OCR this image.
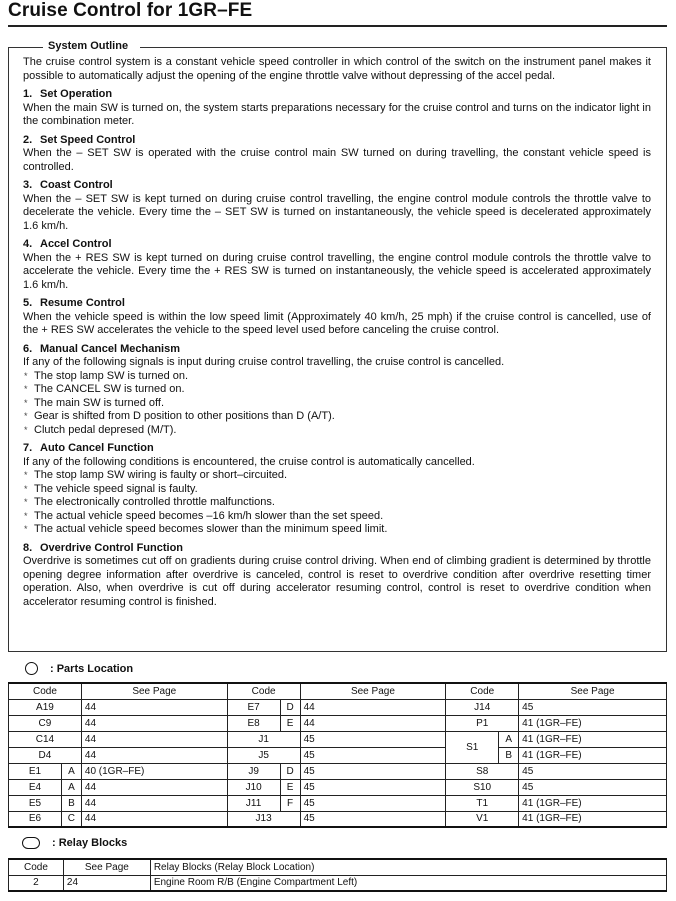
Cruise Control for 1GR–FE
System Outline
The cruise control system is a constant vehicle speed controller in which control of the switch on the instrument panel makes it possible to automatically adjust the opening of the engine throttle valve without depressing of the accel pedal.
1. Set Operation
When the main SW is turned on, the system starts preparations necessary for the cruise control and turns on the indicator light in the combination meter.
2. Set Speed Control
When the – SET SW is operated with the cruise control main SW turned on during travelling, the constant vehicle speed is controlled.
3. Coast Control
When the – SET SW is kept turned on during cruise control travelling, the engine control module controls the throttle valve to decelerate the vehicle. Every time the – SET SW is turned on instantaneously, the vehicle speed is decelerated approximately 1.6 km/h.
4. Accel Control
When the + RES SW is kept turned on during cruise control travelling, the engine control module controls the throttle valve to accelerate the vehicle. Every time the + RES SW is turned on instantaneously, the vehicle speed is accelerated approximately 1.6 km/h.
5. Resume Control
When the vehicle speed is within the low speed limit (Approximately 40 km/h, 25 mph) if the cruise control is cancelled, use of the + RES SW accelerates the vehicle to the speed level used before canceling the cruise control.
6. Manual Cancel Mechanism
If any of the following signals is input during cruise control travelling, the cruise control is cancelled.
* The stop lamp SW is turned on.
* The CANCEL SW is turned on.
* The main SW is turned off.
* Gear is shifted from D position to other positions than D (A/T).
* Clutch pedal depresed (M/T).
7. Auto Cancel Function
If any of the following conditions is encountered, the cruise control is automatically cancelled.
* The stop lamp SW wiring is faulty or short–circuited.
* The vehicle speed signal is faulty.
* The electronically controlled throttle malfunctions.
* The actual vehicle speed becomes –16 km/h slower than the set speed.
* The actual vehicle speed becomes slower than the minimum speed limit.
8. Overdrive Control Function
Overdrive is sometimes cut off on gradients during cruise control driving. When end of climbing gradient is determined by throttle opening degree information after overdrive is canceled, control is reset to overdrive condition after overdrive resetting timer operation. Also, when overdrive is cut off during accelerator resuming control, control is reset to overdrive condition when accelerator resuming control is finished.
: Parts Location
Code		See Page	Code		See Page	Code		See Page
A19		44	E7	D	44	J14		45
C9		44	E8	E	44	P1		41 (1GR–FE)
C14		44	J1		45	S1	A	41 (1GR–FE)
D4		44	J5		45		B	41 (1GR–FE)
E1	A	40 (1GR–FE)	J9	D	45	S8		45
E4	A	44	J10	E	45	S10		45
E5	B	44	J11	F	45	T1		41 (1GR–FE)
E6	C	44	J13		45	V1		41 (1GR–FE)
: Relay Blocks
Code	See Page	Relay Blocks (Relay Block Location)
2	24	Engine Room R/B (Engine Compartment Left)
